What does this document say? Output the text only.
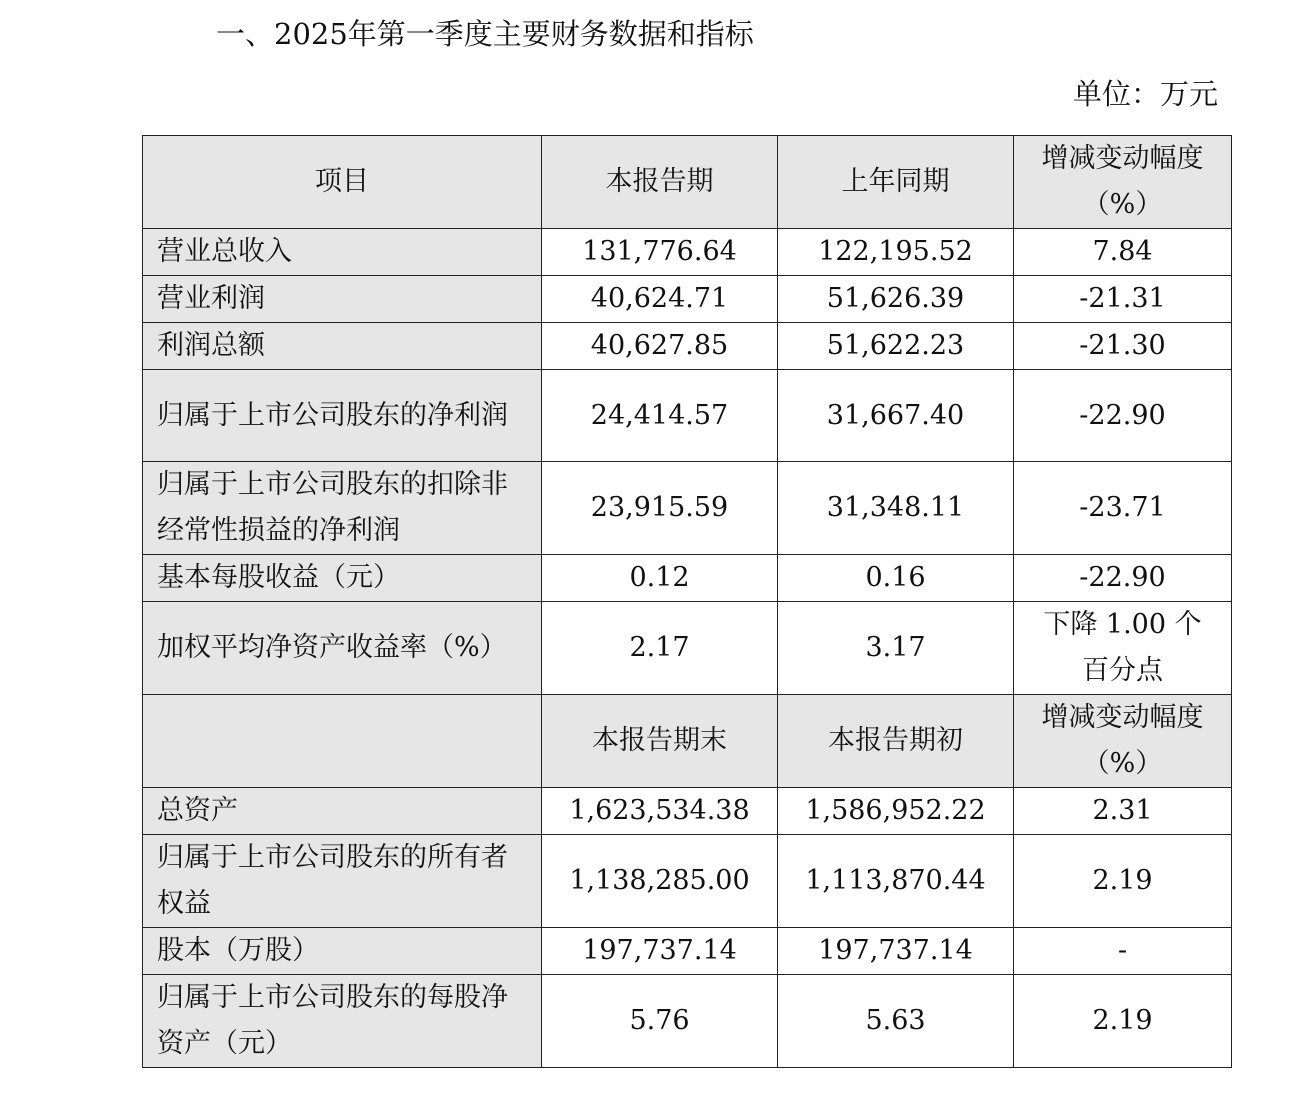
一、2025年第一季度主要财务数据和指标
单位：万元
项目	本报告期	上年同期	增减变动幅度
（%）
营业总收入	131,776.64	122,195.52	7.84
营业利润	40,624.71	51,626.39	-21.31
利润总额	40,627.85	51,622.23	-21.30
归属于上市公司股东的净利润	24,414.57	31,667.40	-22.90
归属于上市公司股东的扣除非经常性损益的净利润	23,915.59	31,348.11	-23.71
基本每股收益（元）	0.12	0.16	-22.90
加权平均净资产收益率（%）	2.17	3.17	下降 1.00 个百分点
	本报告期末	本报告期初	增减变动幅度
（%）
总资产	1,623,534.38	1,586,952.22	2.31
归属于上市公司股东的所有者权益	1,138,285.00	1,113,870.44	2.19
股本（万股）	197,737.14	197,737.14	-
归属于上市公司股东的每股净资产（元）	5.76	5.63	2.19
